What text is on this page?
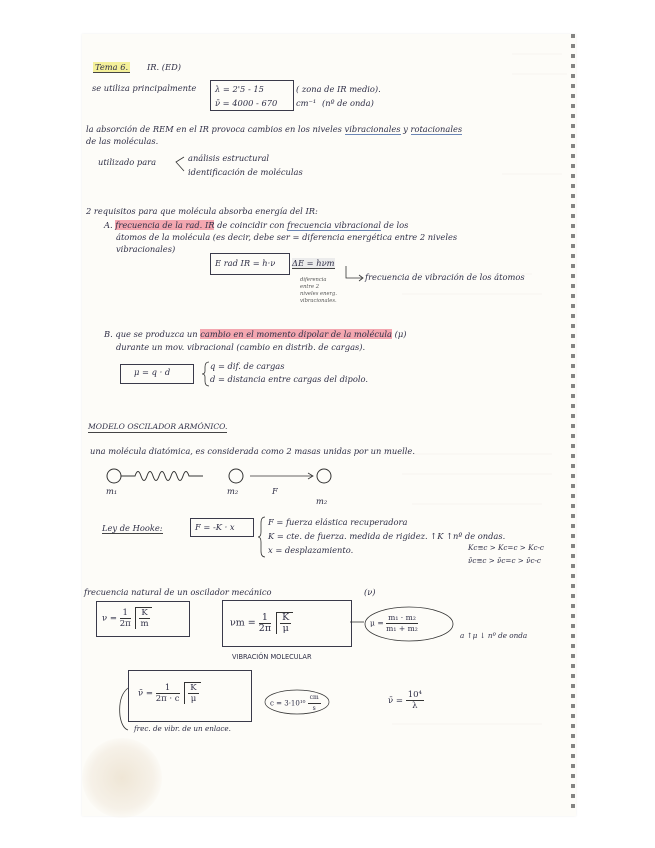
Tema 6. IR. (ED)
se utiliza principalmente λ = 2'5 - 15	( zona de IR medio).
ν̄ = 4000 - 670 cm⁻¹ (nº de onda)
la absorción de REM en el IR provoca cambios en los niveles vibracionales y rotacionales
de las moléculas.
utilizado para	análisis estructural
identificación de moléculas
2 requisitos para que molécula absorba energía del IR:
A. frecuencia de la rad. IR de coincidir con frecuencia vibracional de los
átomos de la molécula (es decir, debe ser = diferencia energética entre 2 niveles
vibracionales)
E rad IR = h·ν ΔE = hνm
frecuencia de vibración de los átomos
diferencia
entre 2
niveles energ.
vibracionales.
B. que se produzca un cambio en el momento dipolar de la molécula (μ)
durante un mov. vibracional (cambio en distrib. de cargas).
μ = q · d
q = dif. de cargas
d = distancia entre cargas del dipolo.
MODELO OSCILADOR ARMÓNICO.
una molécula diatómica, es considerada como 2 masas unidas por un muelle.
m₁	m₂	F
m₂
Ley de Hooke:	F = -K · x	F = fuerza elástica recuperadora
K = cte. de fuerza. medida de rigidez. ↑K ↑nº de ondas.
x = desplazamiento.	Kc≡c > Kc=c > Kc-c
ν̄c≡c > ν̄c=c > ν̄c-c
frecuencia natural de un oscilador mecánico	(ν)
$\nu = \frac{1}{2\pi}$
$\frac{K}{m}$	$\nu m = \frac{1}{2\pi}$
$\frac{K}{\mu}$
VIBRACIÓN MOLECULAR
$\mu = \frac{\text{m₁ · m₂}}{\text{m₁ + m₂}}$
a ↑μ ↓ nº de onda
ν̄ = $\frac{1}{2\pi \cdot c}$
$\frac{K}{\mu}$
frec. de vibr. de un enlace.
$c = 3\cdot 10^{10} \frac{cm}{s}$	ν̄ = $\frac{\text{10⁴}}{\lambda}$
